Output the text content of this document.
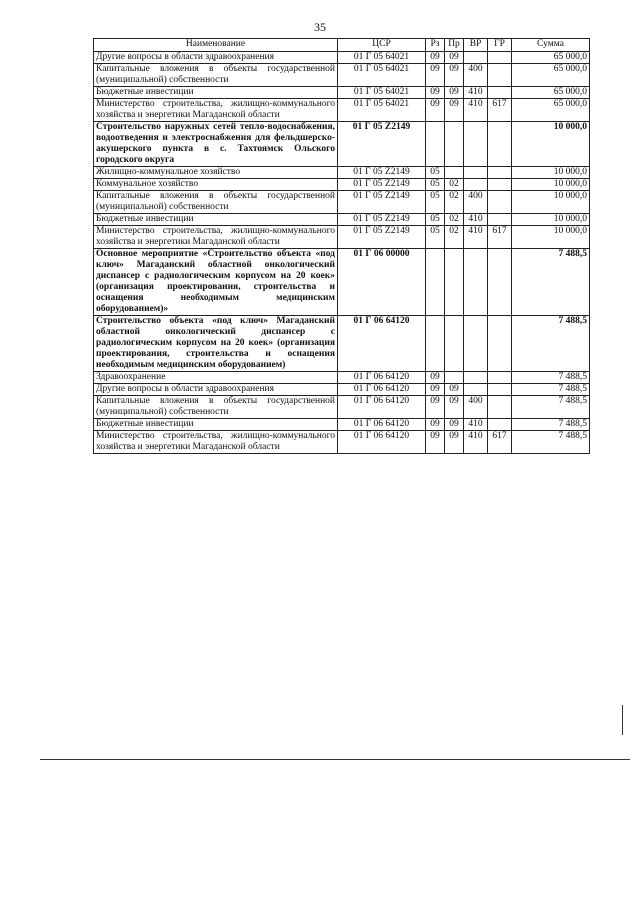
35
Наименование	ЦСР	Рз	Пр	ВР	ГР	Сумма
Другие вопросы в области здравоохранения	01 Г 05 64021	09	09			65 000,0
Капитальные вложения в объекты государственной (муниципальной) собственности	01 Г 05 64021	09	09	400		65 000,0
Бюджетные инвестиции	01 Г 05 64021	09	09	410		65 000,0
Министерство строительства, жилищно-коммунального хозяйства и энергетики Магаданской области	01 Г 05 64021	09	09	410	617	65 000,0
Строительство наружных сетей тепло-водоснабжения, водоотведения и электроснабжения для фельдшерско-акушерского пункта в с. Тахтоямск Ольского городского округа	01 Г 05 Z2149					10 000,0
Жилищно-коммунальное хозяйство	01 Г 05 Z2149	05				10 000,0
Коммунальное хозяйство	01 Г 05 Z2149	05	02			10 000,0
Капитальные вложения в объекты государственной (муниципальной) собственности	01 Г 05 Z2149	05	02	400		10 000,0
Бюджетные инвестиции	01 Г 05 Z2149	05	02	410		10 000,0
Министерство строительства, жилищно-коммунального хозяйства и энергетики Магаданской области	01 Г 05 Z2149	05	02	410	617	10 000,0
Основное мероприятие «Строительство объекта «под ключ» Магаданский областной онкологический диспансер с радиологическим корпусом на 20 коек» (организация проектирования, строительства и оснащения необходимым медицинским оборудованием)»	01 Г 06 00000					7 488,5
Строительство объекта «под ключ» Магаданский областной онкологический диспансер с радиологическим корпусом на 20 коек» (организация проектирования, строительства и оснащения необходимым медицинским оборудованием)	01 Г 06 64120					7 488,5
Здравоохранение	01 Г 06 64120	09				7 488,5
Другие вопросы в области здравоохранения	01 Г 06 64120	09	09			7 488,5
Капитальные вложения в объекты государственной (муниципальной) собственности	01 Г 06 64120	09	09	400		7 488,5
Бюджетные инвестиции	01 Г 06 64120	09	09	410		7 488,5
Министерство строительства, жилищно-коммунального хозяйства и энергетики Магаданской области	01 Г 06 64120	09	09	410	617	7 488,5
